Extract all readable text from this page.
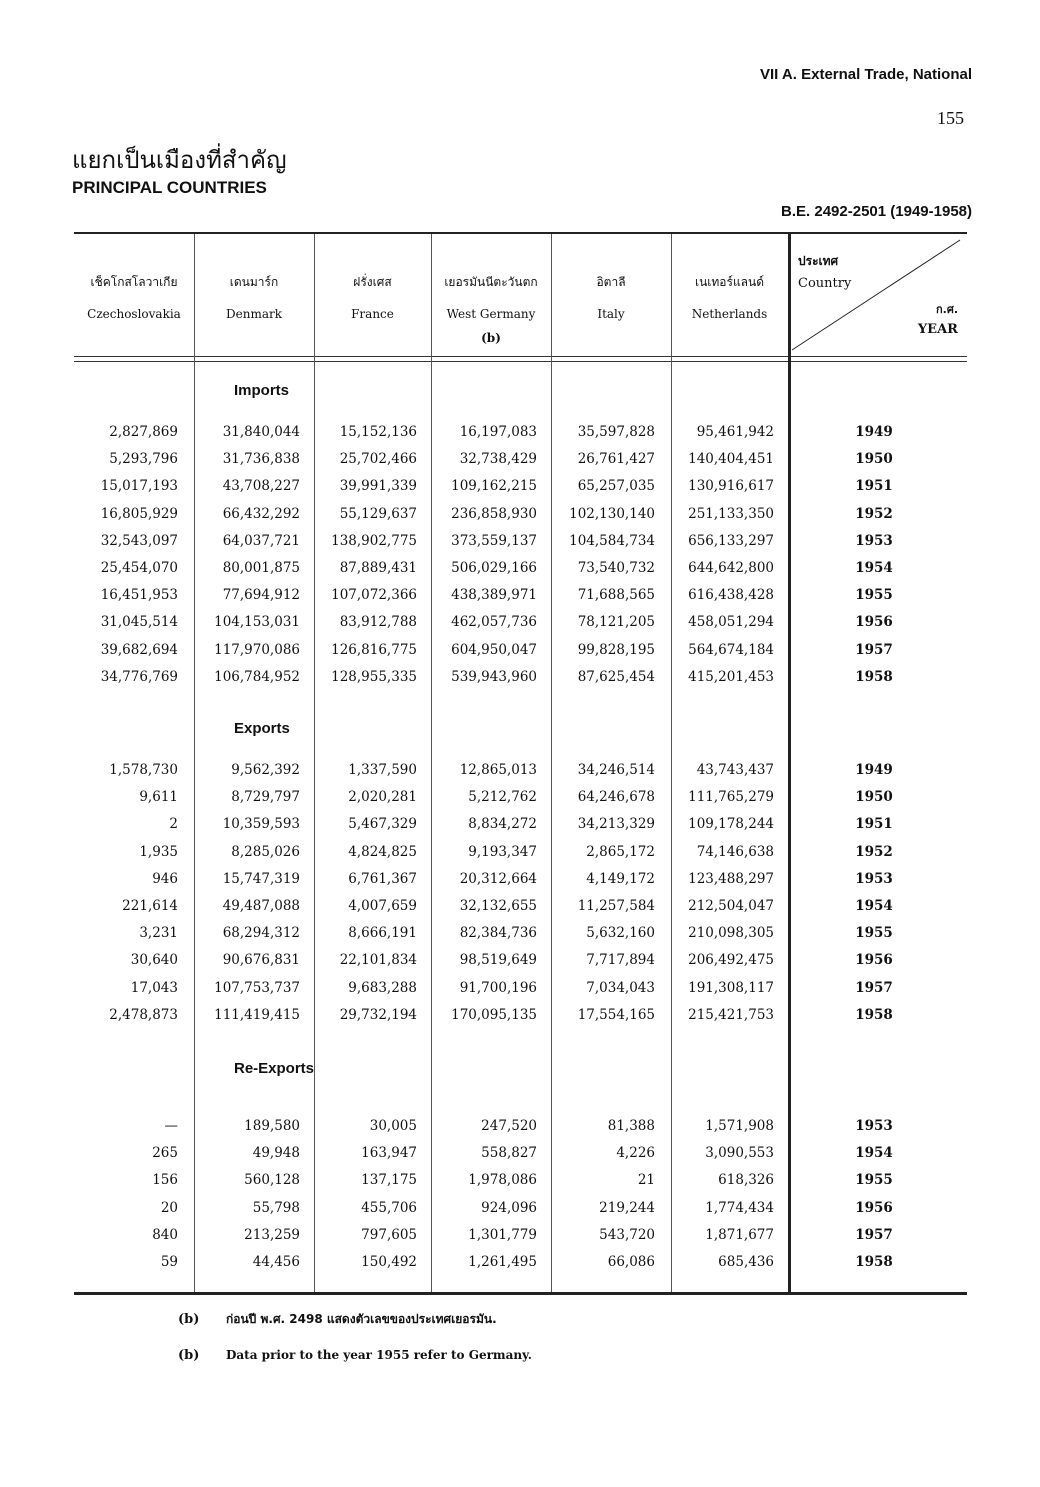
VII A. External Trade, National
155
แยกเป็นเมืองที่สำคัญ
PRINCIPAL COUNTRIES
B.E. 2492-2501 (1949-1958)
ประเทศ
Country
ก.ศ.
YEAR
เช็คโกสโลวาเกีย
Czechoslovakia
เดนมาร์ก
Denmark
ฝรั่งเศส
France
เยอรมันนีตะวันตก
West Germany
(b)
อิตาลี
Italy
เนเทอร์แลนด์
Netherlands
Imports
2,827,869	31,840,044	15,152,136	16,197,083	35,597,828	95,461,942	1949
5,293,796	31,736,838	25,702,466	32,738,429	26,761,427	140,404,451	1950
15,017,193	43,708,227	39,991,339	109,162,215	65,257,035	130,916,617	1951
16,805,929	66,432,292	55,129,637	236,858,930	102,130,140	251,133,350	1952
32,543,097	64,037,721	138,902,775	373,559,137	104,584,734	656,133,297	1953
25,454,070	80,001,875	87,889,431	506,029,166	73,540,732	644,642,800	1954
16,451,953	77,694,912	107,072,366	438,389,971	71,688,565	616,438,428	1955
31,045,514	104,153,031	83,912,788	462,057,736	78,121,205	458,051,294	1956
39,682,694	117,970,086	126,816,775	604,950,047	99,828,195	564,674,184	1957
34,776,769	106,784,952	128,955,335	539,943,960	87,625,454	415,201,453	1958
Exports
1,578,730	9,562,392	1,337,590	12,865,013	34,246,514	43,743,437	1949
9,611	8,729,797	2,020,281	5,212,762	64,246,678	111,765,279	1950
2	10,359,593	5,467,329	8,834,272	34,213,329	109,178,244	1951
1,935	8,285,026	4,824,825	9,193,347	2,865,172	74,146,638	1952
946	15,747,319	6,761,367	20,312,664	4,149,172	123,488,297	1953
221,614	49,487,088	4,007,659	32,132,655	11,257,584	212,504,047	1954
3,231	68,294,312	8,666,191	82,384,736	5,632,160	210,098,305	1955
30,640	90,676,831	22,101,834	98,519,649	7,717,894	206,492,475	1956
17,043	107,753,737	9,683,288	91,700,196	7,034,043	191,308,117	1957
2,478,873	111,419,415	29,732,194	170,095,135	17,554,165	215,421,753	1958
Re-Exports
—	189,580	30,005	247,520	81,388	1,571,908	1953
265	49,948	163,947	558,827	4,226	3,090,553	1954
156	560,128	137,175	1,978,086	21	618,326	1955
20	55,798	455,706	924,096	219,244	1,774,434	1956
840	213,259	797,605	1,301,779	543,720	1,871,677	1957
59	44,456	150,492	1,261,495	66,086	685,436	1958
(b) ก่อนปี พ.ศ. 2498 แสดงตัวเลขของประเทศเยอรมัน.
(b) Data prior to the year 1955 refer to Germany.
